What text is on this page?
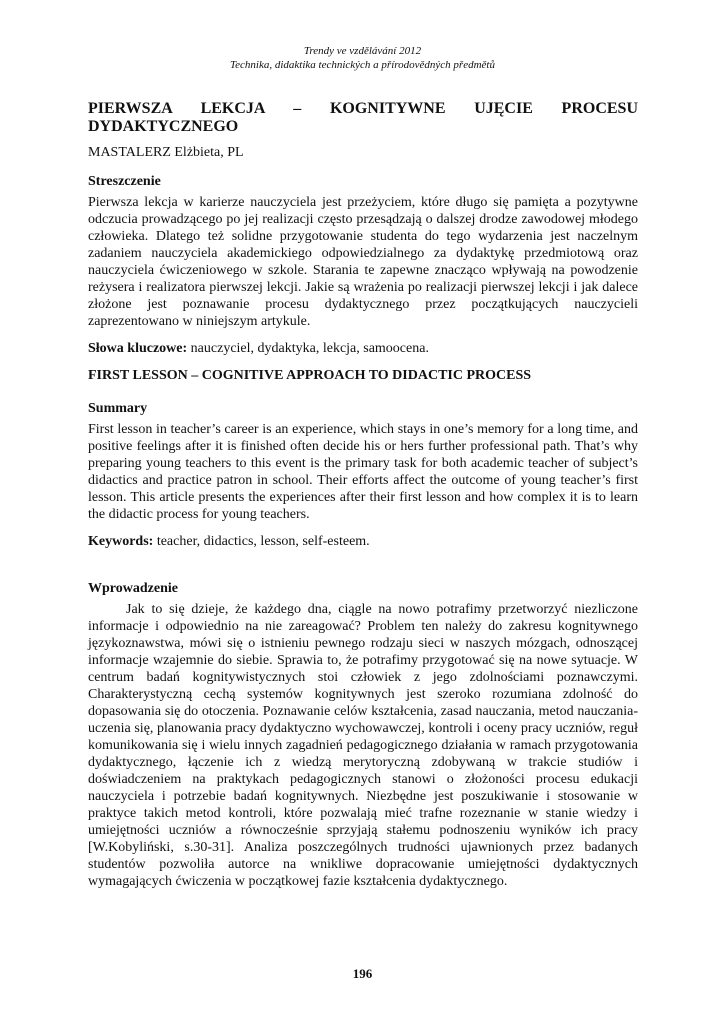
Trendy ve vzdělávání 2012
Technika, didaktika technických a přírodovědných předmětů
PIERWSZA LEKCJA – KOGNITYWNE UJĘCIE PROCESU DYDAKTYCZNEGO
MASTALERZ Elżbieta, PL
Streszczenie

Pierwsza lekcja w karierze nauczyciela jest przeżyciem, które długo się pamięta a pozytywne odczucia prowadzącego po jej realizacji często przesądzają o dalszej drodze zawodowej młodego człowieka. Dlatego też solidne przygotowanie studenta do tego wydarzenia jest naczelnym zadaniem nauczyciela akademickiego odpowiedzialnego za dydaktykę przedmiotową oraz nauczyciela ćwiczeniowego w szkole. Starania te zapewne znacząco wpływają na powodzenie reżysera i realizatora pierwszej lekcji. Jakie są wrażenia po realizacji pierwszej lekcji i jak dalece złożone jest poznawanie procesu dydaktycznego przez początkujących nauczycieli zaprezentowano w niniejszym artykule.

Słowa kluczowe: nauczyciel, dydaktyka, lekcja, samoocena.
FIRST LESSON – COGNITIVE APPROACH TO DIDACTIC PROCESS
Summary

First lesson in teacher’s career is an experience, which stays in one’s memory for a long time, and positive feelings after it is finished often decide his or hers further professional path. That’s why preparing young teachers to this event is the primary task for both academic teacher of subject’s didactics and practice patron in school. Their efforts affect the outcome of young teacher’s first lesson. This article presents the experiences after their first lesson and how complex it is to learn the didactic process for young teachers.

Keywords: teacher, didactics, lesson, self-esteem.
Wprowadzenie

Jak to się dzieje, że każdego dna, ciągle na nowo potrafimy przetworzyć niezliczone informacje i odpowiednio na nie zareagować? Problem ten należy do zakresu kognitywnego językoznawstwa, mówi się o istnieniu pewnego rodzaju sieci w naszych mózgach, odnoszącej informacje wzajemnie do siebie. Sprawia to, że potrafimy przygotować się na nowe sytuacje. W centrum badań kognitywistycznych stoi człowiek z jego zdolnościami poznawczymi. Charakterystyczną cechą systemów kognitywnych jest szeroko rozumiana zdolność do dopasowania się do otoczenia. Poznawanie celów kształcenia, zasad nauczania, metod nauczania-uczenia się, planowania pracy dydaktyczno wychowawczej, kontroli i oceny pracy uczniów, reguł komunikowania się i wielu innych zagadnień pedagogicznego działania w ramach przygotowania dydaktycznego, łączenie ich z wiedzą merytoryczną zdobywaną w trakcie studiów i doświadczeniem na praktykach pedagogicznych stanowi o złożoności procesu edukacji nauczyciela i potrzebie badań kognitywnych. Niezbędne jest poszukiwanie i stosowanie w praktyce takich metod kontroli, które pozwalają mieć trafne rozeznanie w stanie wiedzy i umiejętności uczniów a równocześnie sprzyjają stałemu podnoszeniu wyników ich pracy [W.Kobyliński, s.30-31]. Analiza poszczególnych trudności ujawnionych przez badanych studentów pozwoliła autorce na wnikliwe dopracowanie umiejętności dydaktycznych wymagających ćwiczenia w początkowej fazie kształcenia dydaktycznego.

196
